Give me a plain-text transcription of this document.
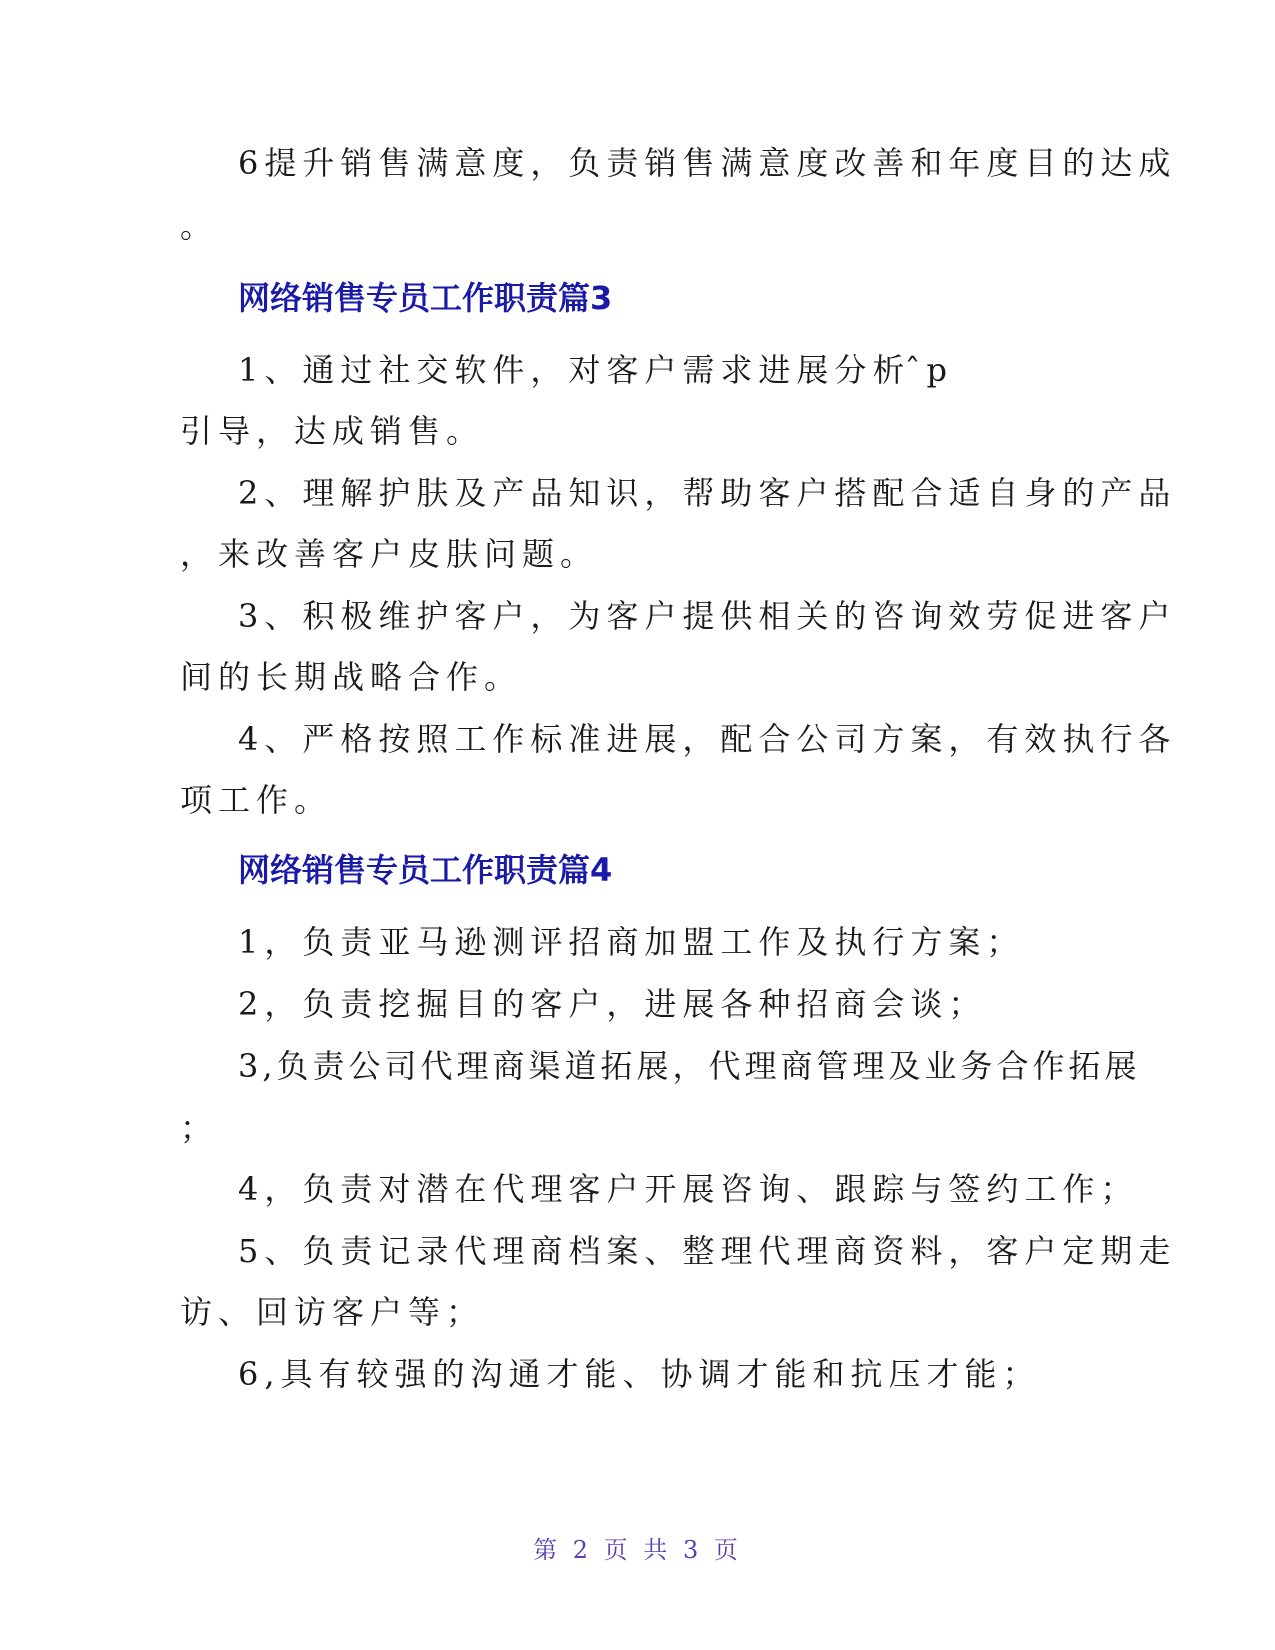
6提升销售满意度，负责销售满意度改善和年度目的达成
。
网络销售专员工作职责篇3
1、通过社交软件，对客户需求进展分析 ̂p
引导，达成销售。
2、理解护肤及产品知识，帮助客户搭配合适自身的产品
，来改善客户皮肤问题。
3、积极维护客户，为客户提供相关的咨询效劳促进客户
间的长期战略合作。
4、严格按照工作标准进展，配合公司方案，有效执行各
项工作。
网络销售专员工作职责篇4
1，负责亚马逊测评招商加盟工作及执行方案；
2，负责挖掘目的客户，进展各种招商会谈；
3,负责公司代理商渠道拓展，代理商管理及业务合作拓展
；
4，负责对潜在代理客户开展咨询、跟踪与签约工作；
5、负责记录代理商档案、整理代理商资料，客户定期走
访、回访客户等；
6,具有较强的沟通才能、协调才能和抗压才能；
第 2 页 共 3 页
